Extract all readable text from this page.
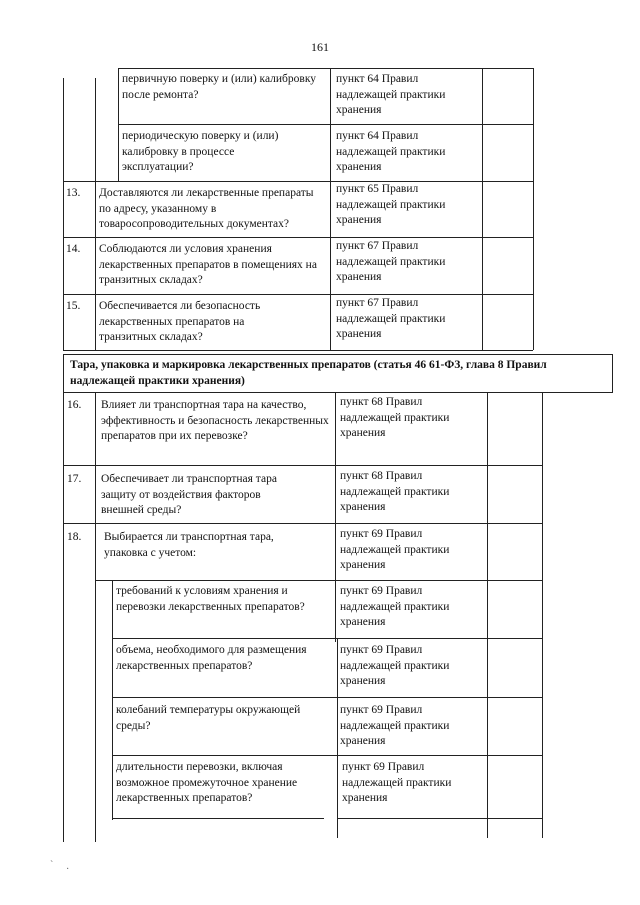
161
первичную поверку и (или) калибровку после ремонта?
пункт 64 Правил надлежащей практики хранения
периодическую поверку и (или) калибровку в процессе эксплуатации?
пункт 64 Правил надлежащей практики хранения
13. Доставляются ли лекарственные препараты по адресу, указанному в товаросопроводительных документах?
пункт 65 Правил надлежащей практики хранения
14. Соблюдаются ли условия хранения лекарственных препаратов в помещениях на транзитных складах?
пункт 67 Правил надлежащей практики хранения
15. Обеспечивается ли безопасность лекарственных препаратов на транзитных складах?
пункт 67 Правил надлежащей практики хранения
Тара, упаковка и маркировка лекарственных препаратов (статья 46 61-ФЗ, глава 8 Правил надлежащей практики хранения)
16. Влияет ли транспортная тара на качество, эффективность и безопасность лекарственных препаратов при их перевозке?
пункт 68 Правил надлежащей практики хранения
17. Обеспечивает ли транспортная тара защиту от воздействия факторов внешней среды?
пункт 68 Правил надлежащей практики хранения
18. Выбирается ли транспортная тара, упаковка с учетом:
пункт 69 Правил надлежащей практики хранения
требований к условиям хранения и перевозки лекарственных препаратов?
пункт 69 Правил надлежащей практики хранения
объема, необходимого для размещения лекарственных препаратов?
пункт 69 Правил надлежащей практики хранения
колебаний температуры окружающей среды?
пункт 69 Правил надлежащей практики хранения
длительности перевозки, включая возможное промежуточное хранение лекарственных препаратов?
пункт 69 Правил надлежащей практики хранения
` ·
